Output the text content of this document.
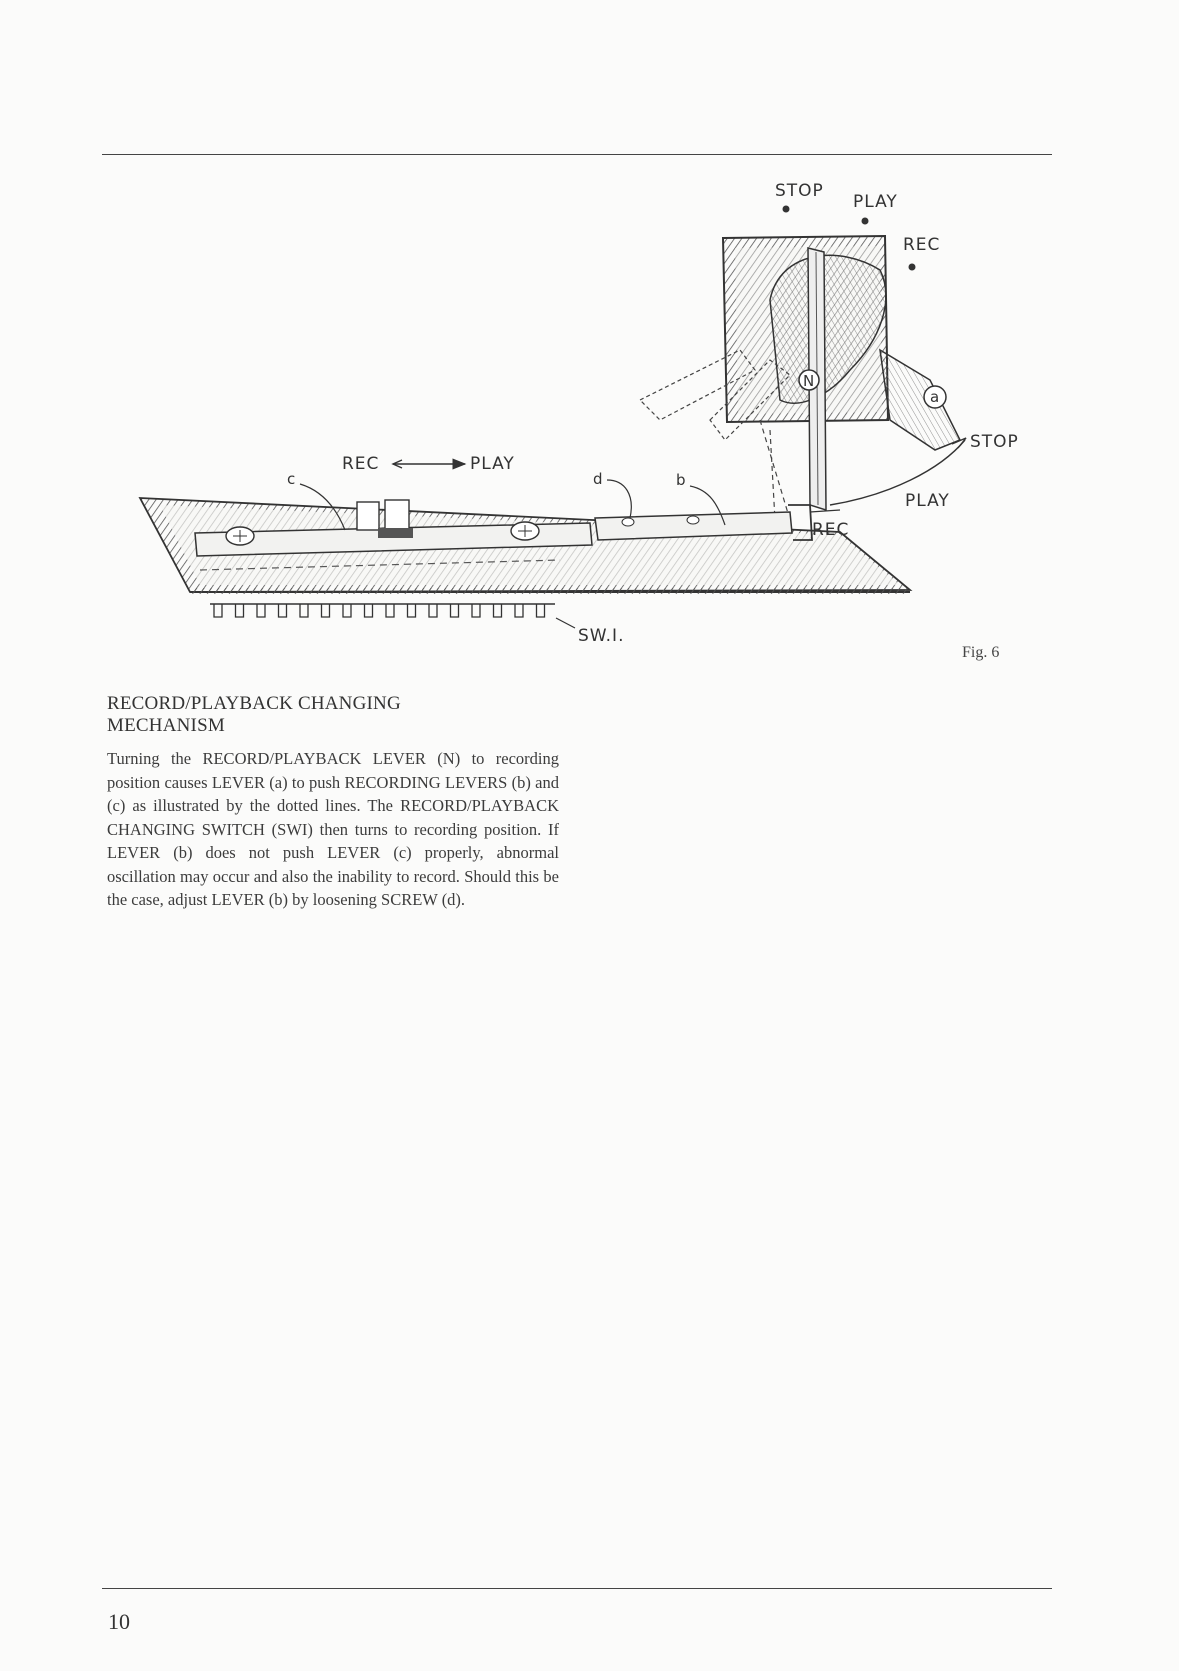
a
N
STOP
PLAY
REC
STOP
PLAY
REC
REC	PLAY
c	d	b
SW.I.
Fig. 6
RECORD/PLAYBACK CHANGING
MECHANISM
Turning the RECORD/PLAYBACK LEVER (N) to recording position causes LEVER (a) to push RECORDING LEVERS (b) and (c) as illustrated by the dotted lines. The RECORD/PLAYBACK CHANGING SWITCH (SWI) then turns to recording position. If LEVER (b) does not push LEVER (c) properly, abnormal oscillation may occur and also the inability to record. Should this be the case, adjust LEVER (b) by loosening SCREW (d).
10
